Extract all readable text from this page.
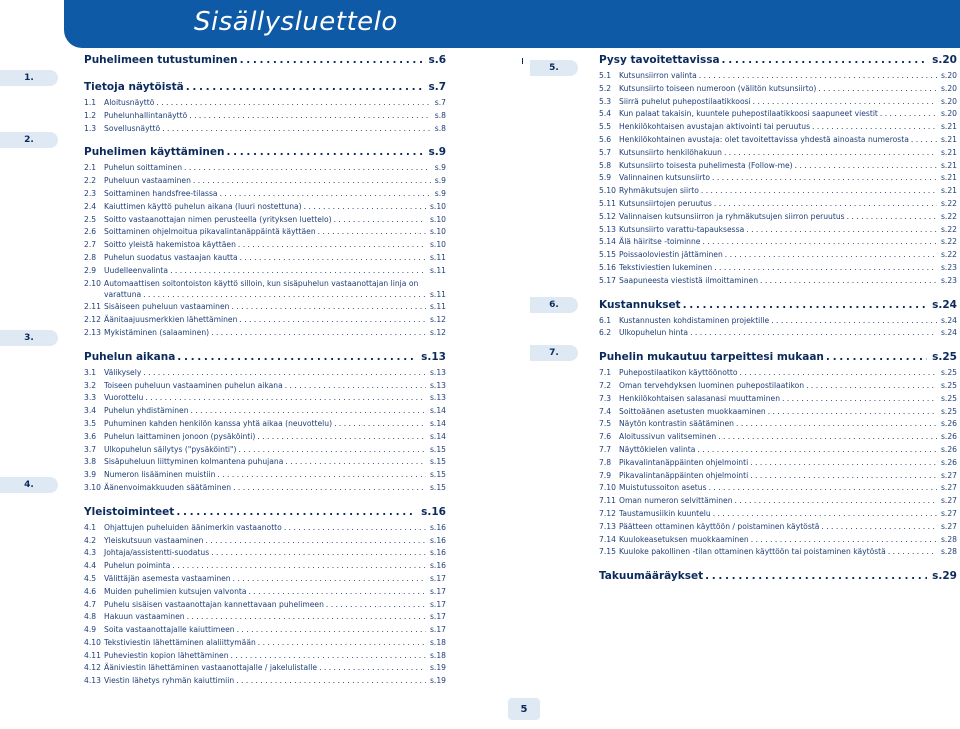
Sisällysluettelo
1.
2.
3.
4.
5.
6.
7.
Puhelimeen tutustuminen . . .	s.6
Tietoja näytöistä . . .	s.7
1.1	Aloitusnäyttö . . .	s.7
1.2	Puhelunhallintanäyttö . . .	s.8
1.3	Sovellusnäyttö . . .	s.8
Puhelimen käyttäminen . . .	s.9
2.1	Puhelun soittaminen . . .	s.9
2.2	Puheluun vastaaminen . . .	s.9
2.3	Soittaminen handsfree-tilassa . . .	s.9
2.4	Kaiuttimen käyttö puhelun aikana (luuri nostettuna) . . .	s.10
2.5	Soitto vastaanottajan nimen perusteella (yrityksen luettelo) . . .	s.10
2.6	Soittaminen ohjelmoitua pikavalintanäppäintä käyttäen . . .	s.10
2.7	Soitto yleistä hakemistoa käyttäen . . .	s.10
2.8	Puhelun suodatus vastaajan kautta . . .	s.11
2.9	Uudelleenvalinta . . .	s.11
2.10 Automaattisen soitontoiston käyttö silloin, kun sisäpuhelun vastaanottajan linja on
varattuna . . .	s.11
2.11 Sisäiseen puheluun vastaaminen . . .	s.11
2.12 Äänitaajuusmerkkien lähettäminen . . .	s.12
2.13 Mykistäminen (salaaminen) . . .	s.12
Puhelun aikana . . .	s.13
3.1	Välikysely . . .	s.13
3.2	Toiseen puheluun vastaaminen puhelun aikana . . .	s.13
3.3	Vuorottelu . . .	s.13
3.4	Puhelun yhdistäminen . . .	s.14
3.5	Puhuminen kahden henkilön kanssa yhtä aikaa (neuvottelu) . . .	s.14
3.6	Puhelun laittaminen jonoon (pysäköinti) . . .	s.14
3.7	Ulkopuhelun säilytys ("pysäköinti") . . .	s.15
3.8	Sisäpuheluun liittyminen kolmantena puhujana . . .	s.15
3.9	Numeron lisääminen muistiin . . .	s.15
3.10 Äänenvoimakkuuden säätäminen . . .	s.15
Yleistoiminteet . . .	s.16
4.1	Ohjattujen puheluiden äänimerkin vastaanotto . . .	s.16
4.2	Yleiskutsuun vastaaminen . . .	s.16
4.3	Johtaja/assistentti-suodatus . . .	s.16
4.4	Puhelun poiminta . . .	s.16
4.5	Välittäjän asemesta vastaaminen . . .	s.17
4.6	Muiden puhelimien kutsujen valvonta . . .	s.17
4.7	Puhelu sisäisen vastaanottajan kannettavaan puhelimeen . . .	s.17
4.8	Hakuun vastaaminen . . .	s.17
4.9	Soita vastaanottajalle kaiuttimeen . . .	s.17
4.10 Tekstiviestin lähettäminen alaliittymään . . .	s.18
4.11 Puheviestin kopion lähettäminen . . .	s.18
4.12 Ääniviestin lähettäminen vastaanottajalle / jakelulistalle . . .	s.19
4.13 Viestin lähetys ryhmän kaiuttimiin . . .	s.19
Pysy tavoitettavissa . . .	s.20
5.1	Kutsunsiirron valinta . . .	s.20
5.2	Kutsunsiirto toiseen numeroon (välitön kutsunsiirto) . . .	s.20
5.3	Siirrä puhelut puhepostilaatikkoosi . . .	s.20
5.4	Kun palaat takaisin, kuuntele puhepostilaatikkoosi saapuneet viestit . . .	s.20
5.5	Henkilökohtaisen avustajan aktivointi tai peruutus . . .	s.21
5.6	Henkilökohtainen avustaja: olet tavoitettavissa yhdestä ainoasta numerosta . . .	s.21
5.7	Kutsunsiirto henkilöhakuun . . .	s.21
5.8	Kutsunsiirto toisesta puhelimesta (Follow-me) . . .	s.21
5.9	Valinnainen kutsunsiirto . . .	s.21
5.10 Ryhmäkutsujen siirto . . .	s.21
5.11 Kutsunsiirtojen peruutus . . .	s.22
5.12 Valinnaisen kutsunsiirron ja ryhmäkutsujen siirron peruutus . . .	s.22
5.13 Kutsunsiirto varattu-tapauksessa . . .	s.22
5.14 Älä häiritse -toiminne . . .	s.22
5.15 Poissaoloviestin jättäminen . . .	s.22
5.16 Tekstiviestien lukeminen . . .	s.23
5.17 Saapuneesta viestistä ilmoittaminen . . .	s.23
Kustannukset . . .	s.24
6.1	Kustannusten kohdistaminen projektille . . .	s.24
6.2	Ulkopuhelun hinta . . .	s.24
Puhelin mukautuu tarpeittesi mukaan . . .	s.25
7.1	Puhepostilaatikon käyttöönotto . . .	s.25
7.2	Oman tervehdyksen luominen puhepostilaatikon . . .	s.25
7.3	Henkilökohtaisen salasanasi muuttaminen . . .	s.25
7.4	Soittoäänen asetusten muokkaaminen . . .	s.25
7.5	Näytön kontrastin säätäminen . . .	s.26
7.6	Aloitussivun valitseminen . . .	s.26
7.7	Näyttökielen valinta . . .	s.26
7.8	Pikavalintanäppäinten ohjelmointi . . .	s.26
7.9	Pikavalintanäppäinten ohjelmointi . . .	s.27
7.10 Muistutussoiton asetus . . .	s.27
7.11 Oman numeron selvittäminen . . .	s.27
7.12 Taustamusiikin kuuntelu . . .	s.27
7.13 Päätteen ottaminen käyttöön / poistaminen käytöstä . . .	s.27
7.14 Kuulokeasetuksen muokkaaminen . . .	s.28
7.15 Kuuloke pakollinen -tilan ottaminen käyttöön tai poistaminen käytöstä . . .	s.28
Takuumääräykset . . .	s.29
5
